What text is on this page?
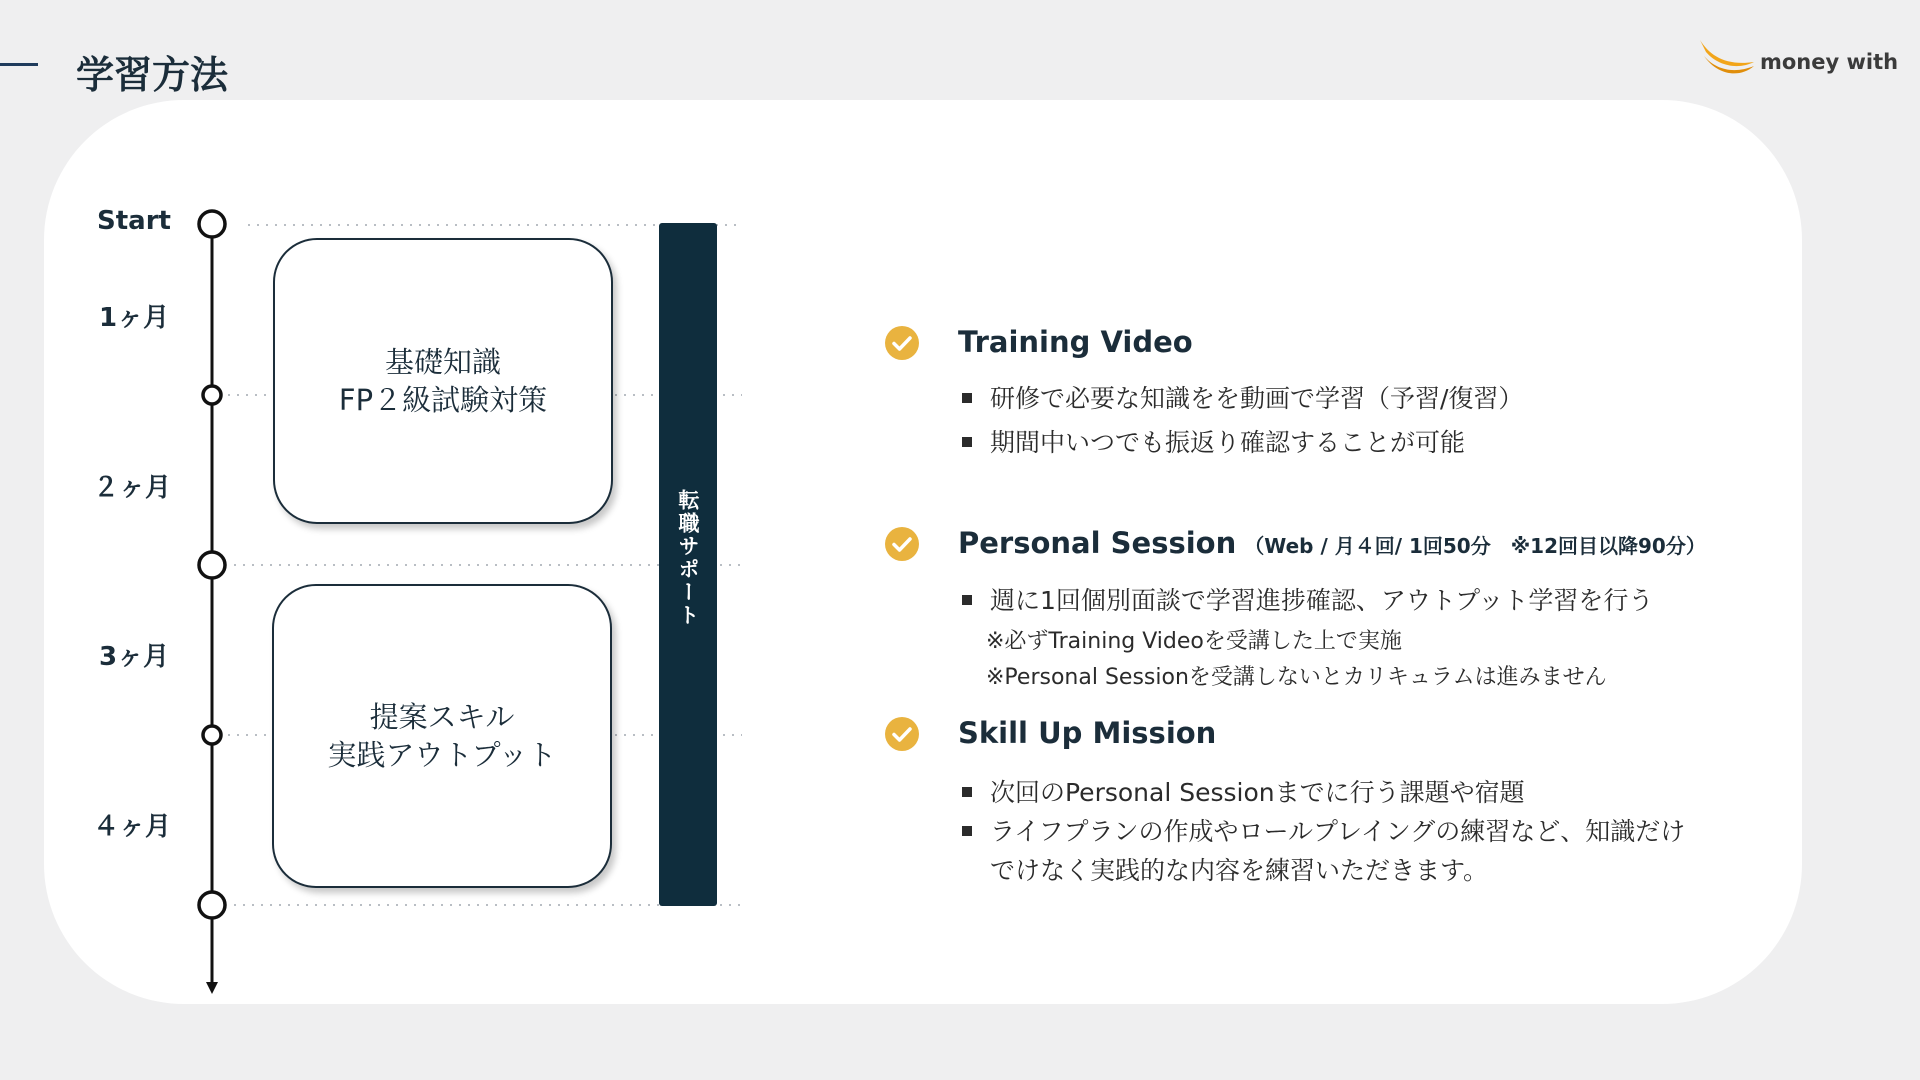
学習方法	money with
Start
1ヶ月
２ヶ月
3ヶ月
４ヶ月
基礎知識
FP２級試験対策
提案スキル
実践アウトプット
転職サポート
Training Video
研修で必要な知識をを動画で学習（予習/復習）
期間中いつでも振返り確認することが可能
Personal Session （Web / 月４回/ 1回50分　※12回目以降90分）
週に1回個別面談で学習進捗確認、アウトプット学習を行う
※必ずTraining Videoを受講した上で実施
※Personal Sessionを受講しないとカリキュラムは進みません
Skill Up Mission
次回のPersonal Sessionまでに行う課題や宿題
ライフプランの作成やロールプレイングの練習など、知識だけ
でけなく実践的な内容を練習いただきます。
